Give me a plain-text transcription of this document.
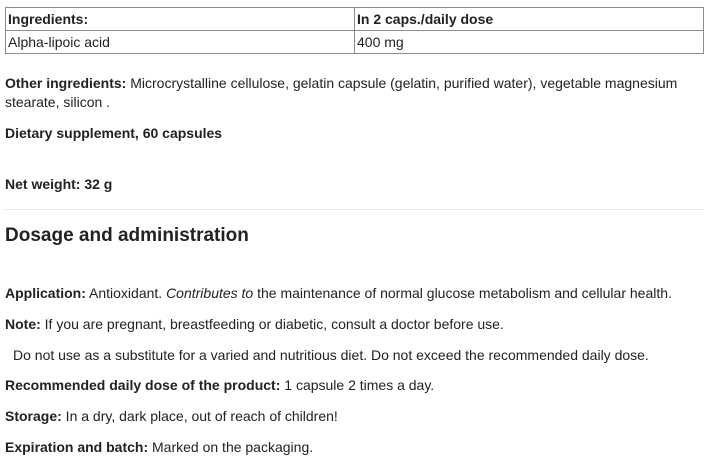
Ingredients:	In 2 caps./daily dose
Alpha-lipoic acid	400 mg

Other ingredients: Microcrystalline cellulose, gelatin capsule (gelatin, purified water), vegetable magnesium stearate, silicon .

Dietary supplement, 60 capsules

Net weight: 32 g

Dosage and administration

Application: Antioxidant. Contributes to the maintenance of normal glucose metabolism and cellular health.

Note: If you are pregnant, breastfeeding or diabetic, consult a doctor before use.

Do not use as a substitute for a varied and nutritious diet. Do not exceed the recommended daily dose.

Recommended daily dose of the product: 1 capsule 2 times a day.

Storage: In a dry, dark place, out of reach of children!

Expiration and batch: Marked on the packaging.
